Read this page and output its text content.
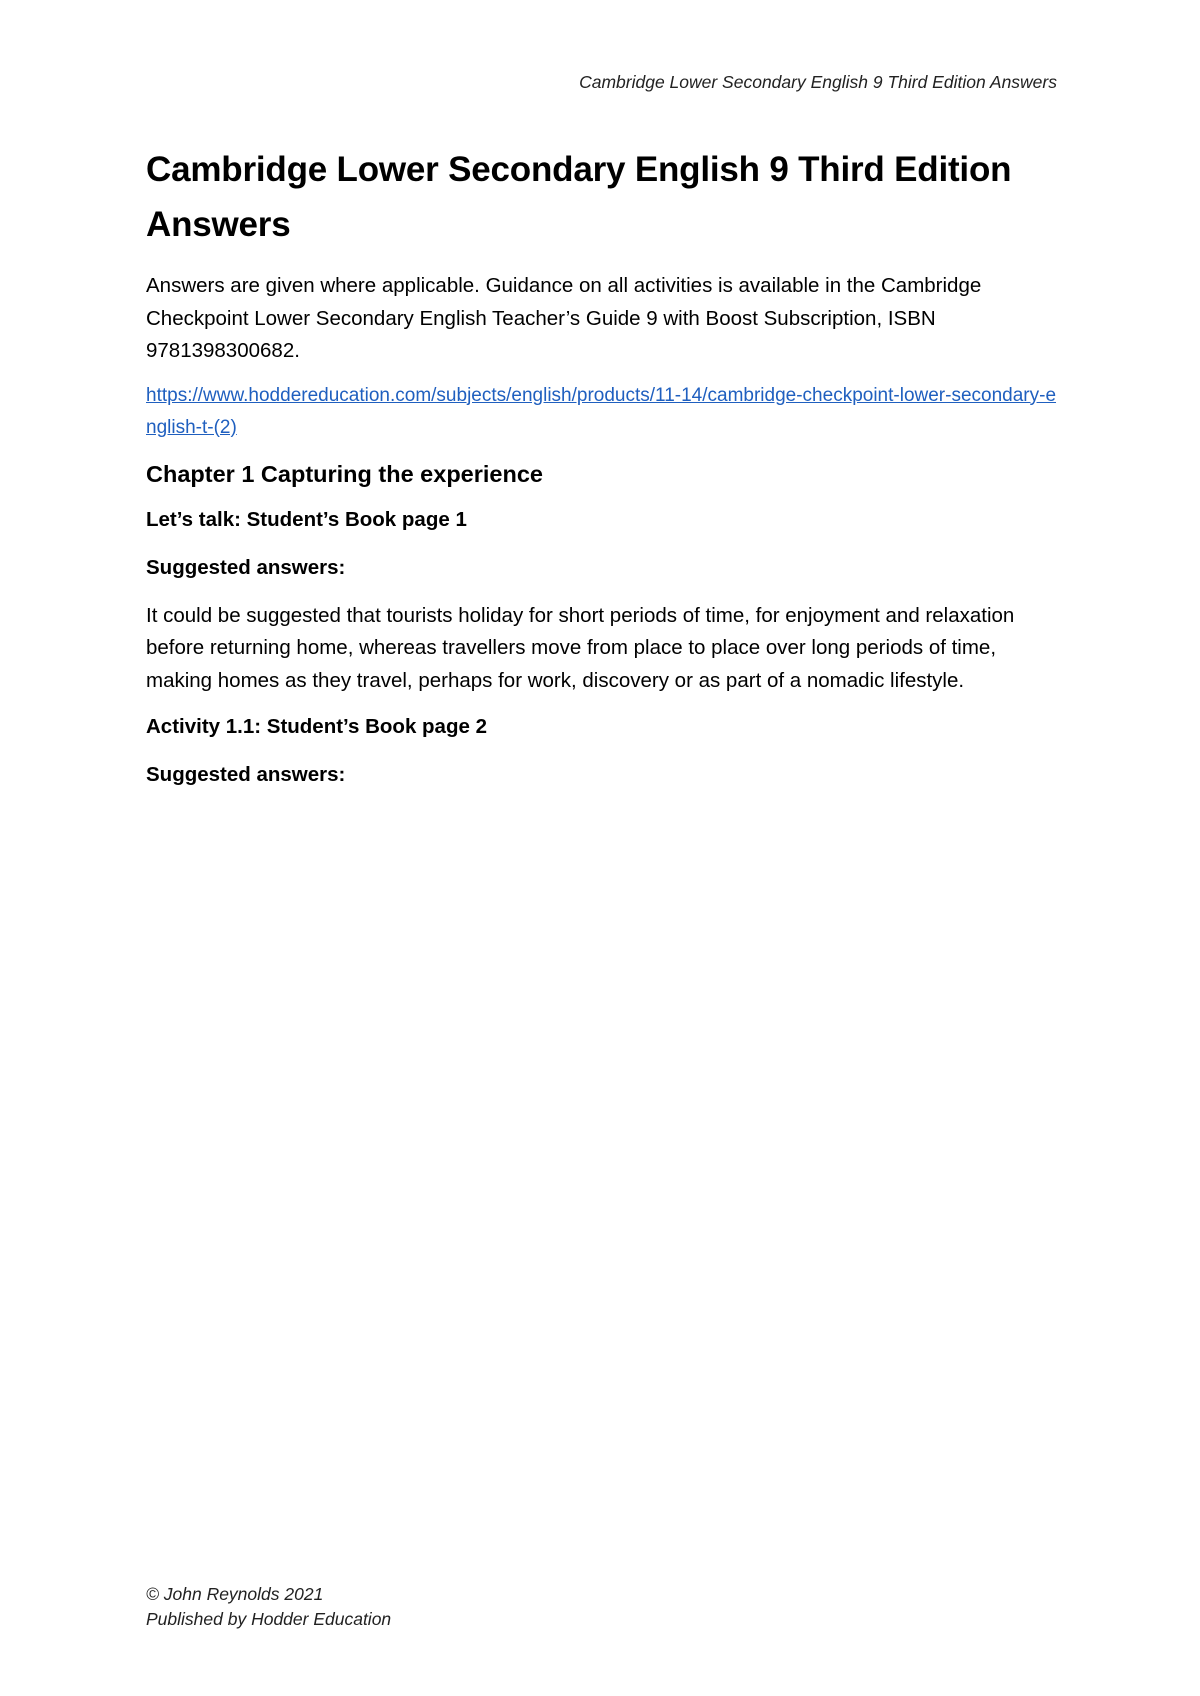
Cambridge Lower Secondary English 9 Third Edition Answers
Cambridge Lower Secondary English 9 Third Edition Answers

Answers are given where applicable. Guidance on all activities is available in the Cambridge Checkpoint Lower Secondary English Teacher’s Guide 9 with Boost Subscription, ISBN 9781398300682.

https://www.hoddereducation.com/subjects/english/products/11-14/cambridge-checkpoint-lower-secondary-english-t-(2)
Chapter 1 Capturing the experience
Let’s talk: Student’s Book page 1
Suggested answers:

It could be suggested that tourists holiday for short periods of time, for enjoyment and relaxation before returning home, whereas travellers move from place to place over long periods of time, making homes as they travel, perhaps for work, discovery or as part of a nomadic lifestyle.

Activity 1.1: Student’s Book page 2
Suggested answers:
© John Reynolds 2021
Published by Hodder Education
